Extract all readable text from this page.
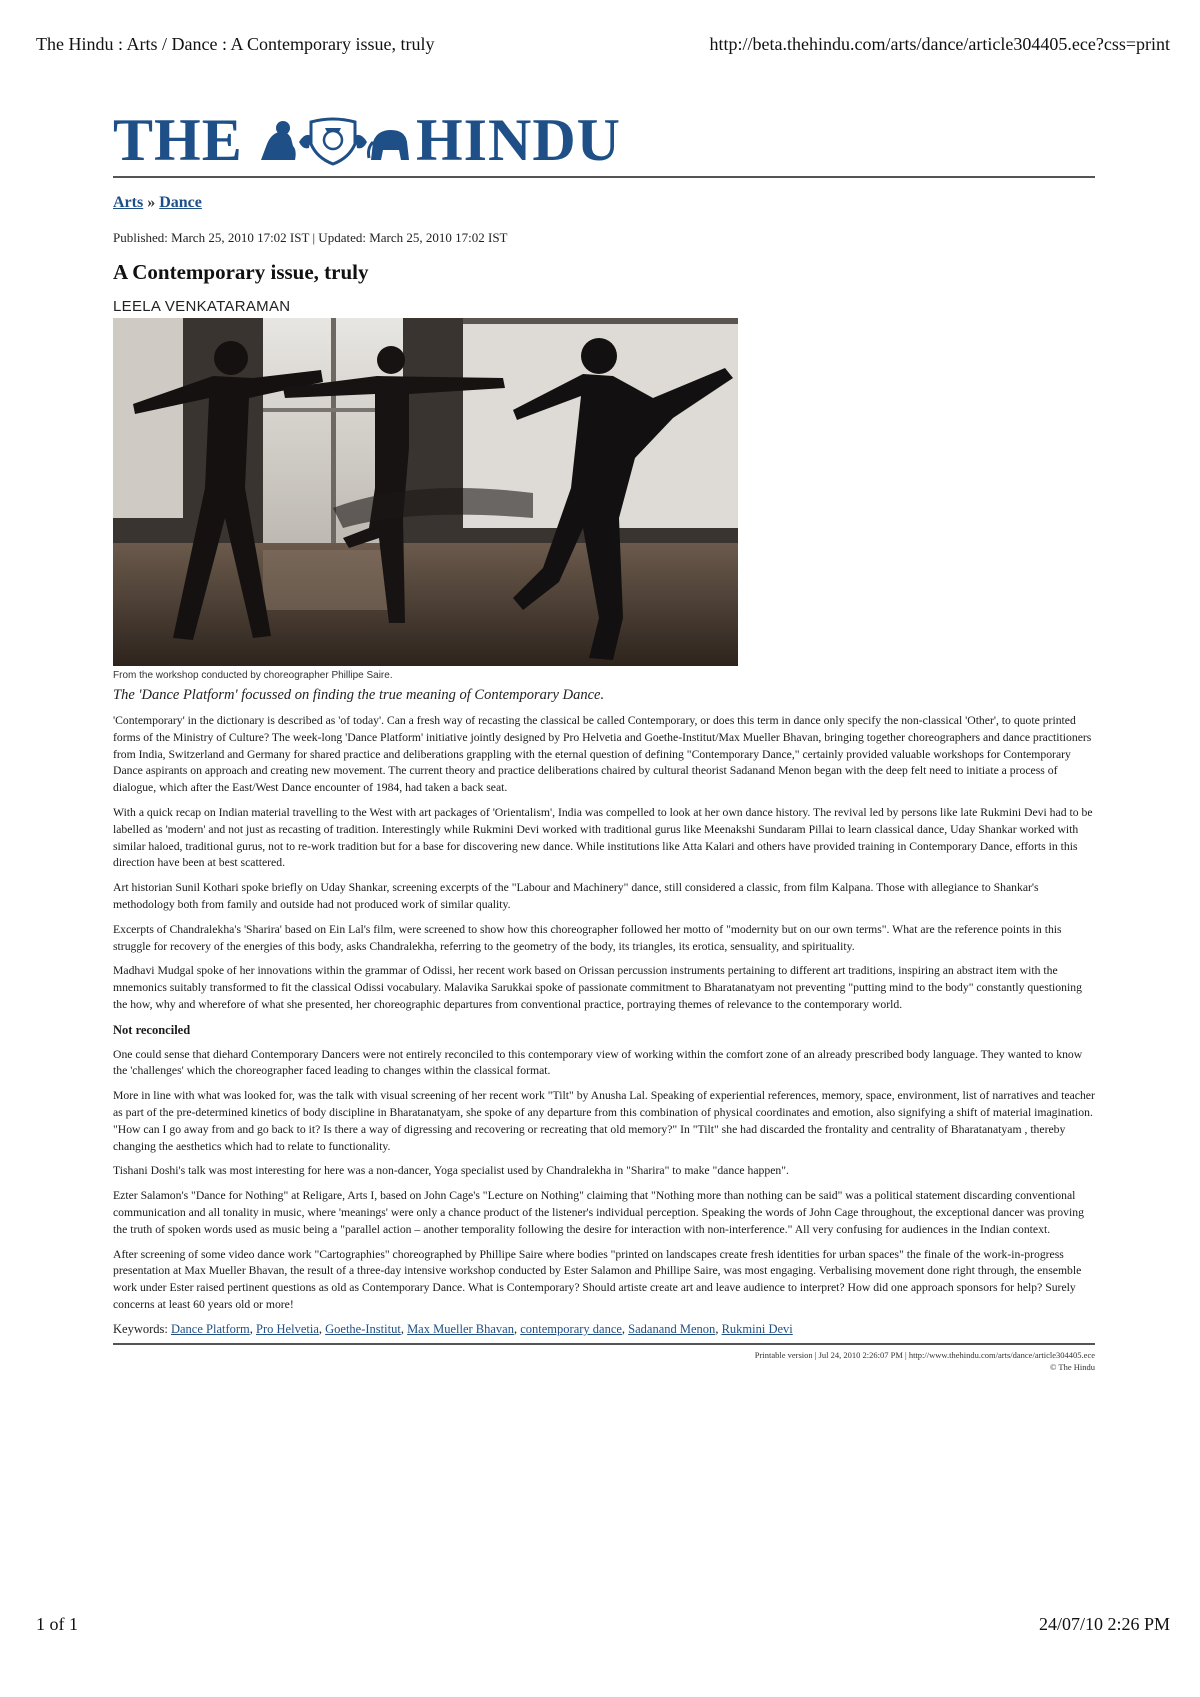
The Hindu : Arts / Dance : A Contemporary issue, truly	http://beta.thehindu.com/arts/dance/article304405.ece?css=print
THE	HINDU
Arts » Dance
Published: March 25, 2010 17:02 IST | Updated: March 25, 2010 17:02 IST
A Contemporary issue, truly
LEELA VENKATARAMAN
From the workshop conducted by choreographer Phillipe Saire.
The 'Dance Platform' focussed on finding the true meaning of Contemporary Dance.

'Contemporary' in the dictionary is described as 'of today'. Can a fresh way of recasting the classical be called Contemporary, or does this term in dance only specify the non-classical 'Other', to quote printed forms of the Ministry of Culture? The week-long 'Dance Platform' initiative jointly designed by Pro Helvetia and Goethe-Institut/Max Mueller Bhavan, bringing together choreographers and dance practitioners from India, Switzerland and Germany for shared practice and deliberations grappling with the eternal question of defining "Contemporary Dance," certainly provided valuable workshops for Contemporary Dance aspirants on approach and creating new movement. The current theory and practice deliberations chaired by cultural theorist Sadanand Menon began with the deep felt need to initiate a process of dialogue, which after the East/West Dance encounter of 1984, had taken a back seat.

With a quick recap on Indian material travelling to the West with art packages of 'Orientalism', India was compelled to look at her own dance history. The revival led by persons like late Rukmini Devi had to be labelled as 'modern' and not just as recasting of tradition. Interestingly while Rukmini Devi worked with traditional gurus like Meenakshi Sundaram Pillai to learn classical dance, Uday Shankar worked with similar haloed, traditional gurus, not to re-work tradition but for a base for discovering new dance. While institutions like Atta Kalari and others have provided training in Contemporary Dance, efforts in this direction have been at best scattered.

Art historian Sunil Kothari spoke briefly on Uday Shankar, screening excerpts of the "Labour and Machinery" dance, still considered a classic, from film Kalpana. Those with allegiance to Shankar's methodology both from family and outside had not produced work of similar quality.

Excerpts of Chandralekha's 'Sharira' based on Ein Lal's film, were screened to show how this choreographer followed her motto of "modernity but on our own terms". What are the reference points in this struggle for recovery of the energies of this body, asks Chandralekha, referring to the geometry of the body, its triangles, its erotica, sensuality, and spirituality.

Madhavi Mudgal spoke of her innovations within the grammar of Odissi, her recent work based on Orissan percussion instruments pertaining to different art traditions, inspiring an abstract item with the mnemonics suitably transformed to fit the classical Odissi vocabulary. Malavika Sarukkai spoke of passionate commitment to Bharatanatyam not preventing "putting mind to the body" constantly questioning the how, why and wherefore of what she presented, her choreographic departures from conventional practice, portraying themes of relevance to the contemporary world.

Not reconciled

One could sense that diehard Contemporary Dancers were not entirely reconciled to this contemporary view of working within the comfort zone of an already prescribed body language. They wanted to know the 'challenges' which the choreographer faced leading to changes within the classical format.

More in line with what was looked for, was the talk with visual screening of her recent work "Tilt" by Anusha Lal. Speaking of experiential references, memory, space, environment, list of narratives and teacher as part of the pre-determined kinetics of body discipline in Bharatanatyam, she spoke of any departure from this combination of physical coordinates and emotion, also signifying a shift of material imagination. "How can I go away from and go back to it? Is there a way of digressing and recovering or recreating that old memory?" In "Tilt" she had discarded the frontality and centrality of Bharatanatyam , thereby changing the aesthetics which had to relate to functionality.

Tishani Doshi's talk was most interesting for here was a non-dancer, Yoga specialist used by Chandralekha in "Sharira" to make "dance happen".

Ezter Salamon's "Dance for Nothing" at Religare, Arts I, based on John Cage's "Lecture on Nothing" claiming that "Nothing more than nothing can be said" was a political statement discarding conventional communication and all tonality in music, where 'meanings' were only a chance product of the listener's individual perception. Speaking the words of John Cage throughout, the exceptional dancer was proving the truth of spoken words used as music being a "parallel action – another temporality following the desire for interaction with non-interference." All very confusing for audiences in the Indian context.

After screening of some video dance work "Cartographies" choreographed by Phillipe Saire where bodies "printed on landscapes create fresh identities for urban spaces" the finale of the work-in-progress presentation at Max Mueller Bhavan, the result of a three-day intensive workshop conducted by Ester Salamon and Phillipe Saire, was most engaging. Verbalising movement done right through, the ensemble work under Ester raised pertinent questions as old as Contemporary Dance. What is Contemporary? Should artiste create art and leave audience to interpret? How did one approach sponsors for help? Surely concerns at least 60 years old or more!

Keywords: Dance Platform, Pro Helvetia, Goethe-Institut, Max Mueller Bhavan, contemporary dance, Sadanand Menon, Rukmini Devi
Printable version | Jul 24, 2010 2:26:07 PM | http://www.thehindu.com/arts/dance/article304405.ece
© The Hindu
1 of 1	24/07/10 2:26 PM
